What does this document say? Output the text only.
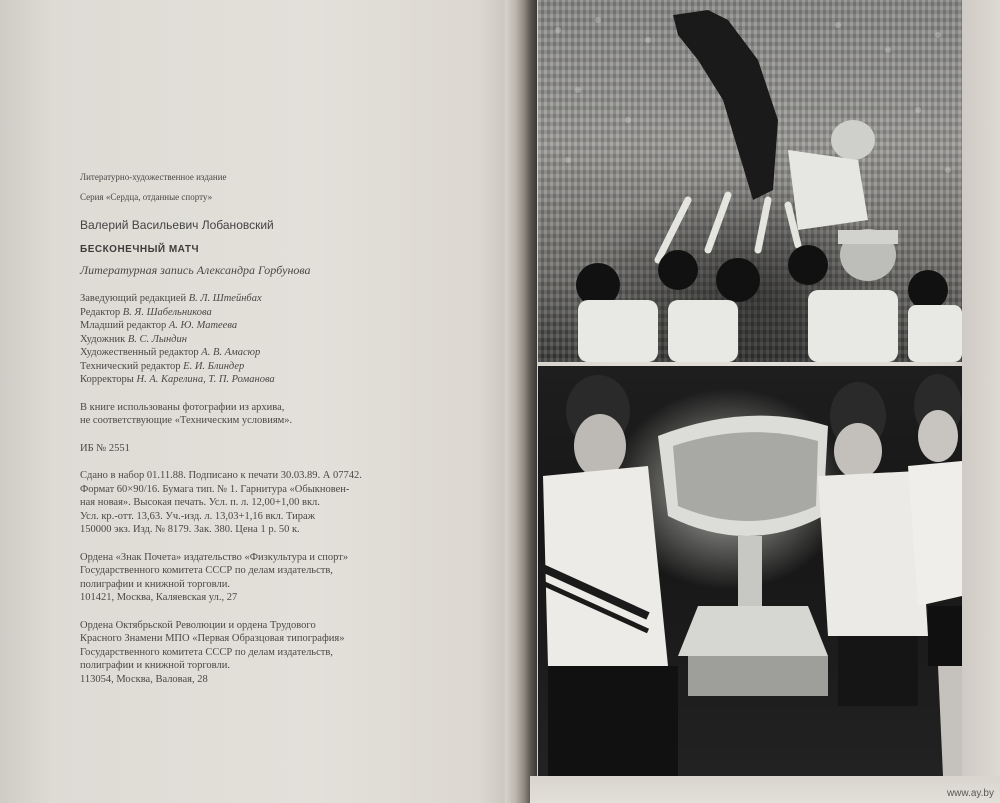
Литературно-художественное издание

Серия «Сердца, отданные спорту»

Валерий Васильевич Лобановский

БЕСКОНЕЧНЫЙ МАТЧ

Литературная запись Александра Горбунова

Заведующий редакцией В. Л. Штейнбах

Редактор В. Я. Шабельникова

Младший редактор А. Ю. Матеева

Художник В. С. Лындин

Художественный редактор А. В. Амасюр

Технический редактор Е. И. Блиндер

Корректоры Н. А. Карелина, Т. П. Романова

В книге использованы фотографии из архива,

не соответствующие «Техническим условиям».

ИБ № 2551

Сдано в набор 01.11.88. Подписано к печати 30.03.89. А 07742.

Формат 60×90/16. Бумага тип. № 1. Гарнитура «Обыкновен-

ная новая». Высокая печать. Усл. п. л. 12,00+1,00 вкл.

Усл. кр.-отт. 13,63. Уч.-изд. л. 13,03+1,16 вкл. Тираж

150000 экз. Изд. № 8179. Зак. 380. Цена 1 р. 50 к.

Ордена «Знак Почета» издательство «Физкультура и спорт»

Государственного комитета СССР по делам издательств,

полиграфии и книжной торговли.

101421, Москва, Каляевская ул., 27

Ордена Октябрьской Революции и ордена Трудового

Красного Знамени МПО «Первая Образцовая типография»

Государственного комитета СССР по делам издательств,

полиграфии и книжной торговли.

113054, Москва, Валовая, 28

www.ay.by
